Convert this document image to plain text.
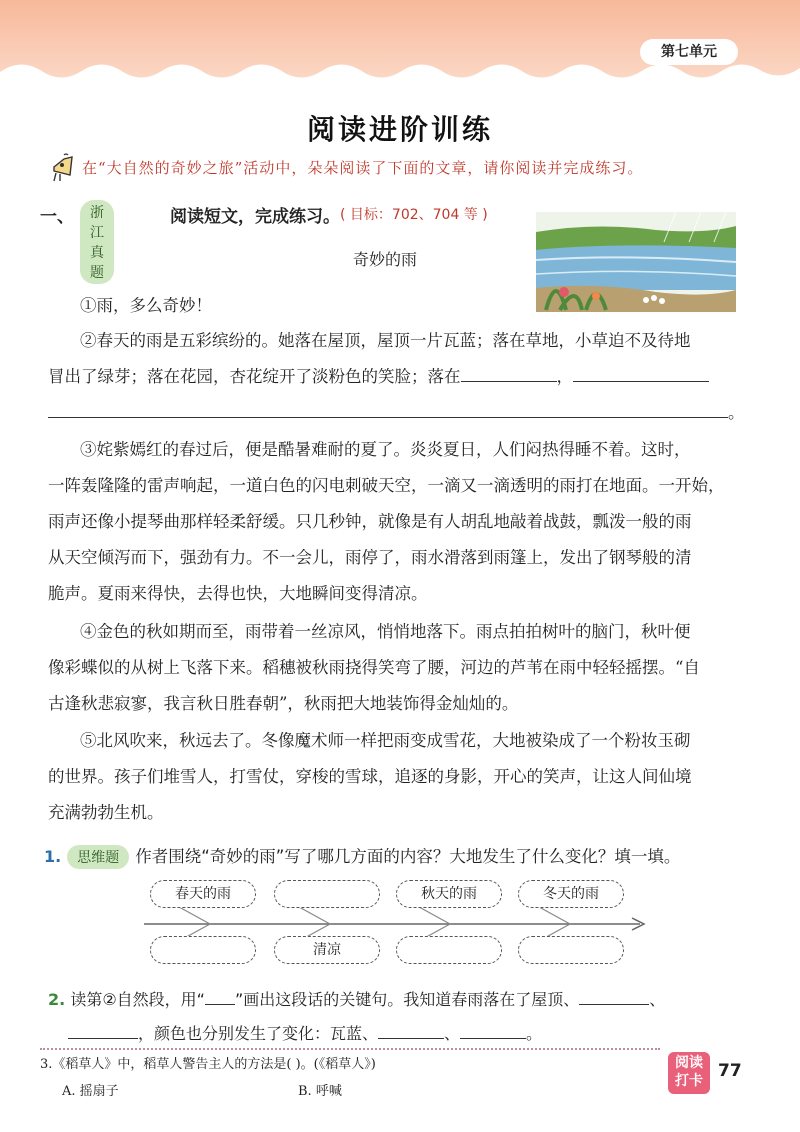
第七单元
阅读进阶训练
在“大自然的奇妙之旅”活动中，朵朵阅读了下面的文章，请你阅读并完成练习。
一、	浙江真题
阅读短文，完成练习。 ( 目标：702、704 等 )
奇妙的雨
①雨，多么奇妙！
②春天的雨是五彩缤纷的。她落在屋顶，屋顶一片瓦蓝；落在草地，小草迫不及待地
冒出了绿芽；落在花园，杏花绽开了淡粉色的笑脸；落在	，
。
③姹紫嫣红的春过后，便是酷暑难耐的夏了。炎炎夏日，人们闷热得睡不着。这时，
一阵轰隆隆的雷声响起，一道白色的闪电刺破天空，一滴又一滴透明的雨打在地面。一开始，
雨声还像小提琴曲那样轻柔舒缓。只几秒钟，就像是有人胡乱地敲着战鼓，瓢泼一般的雨
从天空倾泻而下，强劲有力。不一会儿，雨停了，雨水滑落到雨篷上，发出了钢琴般的清
脆声。夏雨来得快，去得也快，大地瞬间变得清凉。
④金色的秋如期而至，雨带着一丝凉风，悄悄地落下。雨点拍拍树叶的脑门，秋叶便
像彩蝶似的从树上飞落下来。稻穗被秋雨挠得笑弯了腰，河边的芦苇在雨中轻轻摇摆。“自
古逢秋悲寂寥，我言秋日胜春朝”，秋雨把大地装饰得金灿灿的。
⑤北风吹来，秋远去了。冬像魔术师一样把雨变成雪花，大地被染成了一个粉妆玉砌
的世界。孩子们堆雪人，打雪仗，穿梭的雪球，追逐的身影，开心的笑声，让这人间仙境
充满勃勃生机。
1. 思维题 作者围绕“奇妙的雨”写了哪几方面的内容？大地发生了什么变化？填一填。
春天的雨	秋天的雨	冬天的雨
清凉
2. 读第②自然段，用“ ”画出这段话的关键句。我知道春雨落在了屋顶、	、
，颜色也分别发生了变化：瓦蓝、	、	。
3.《稻草人》中，稻草人警告主人的方法是( )。(《稻草人》)
A. 摇扇子	B. 呼喊
阅读
打卡 77
